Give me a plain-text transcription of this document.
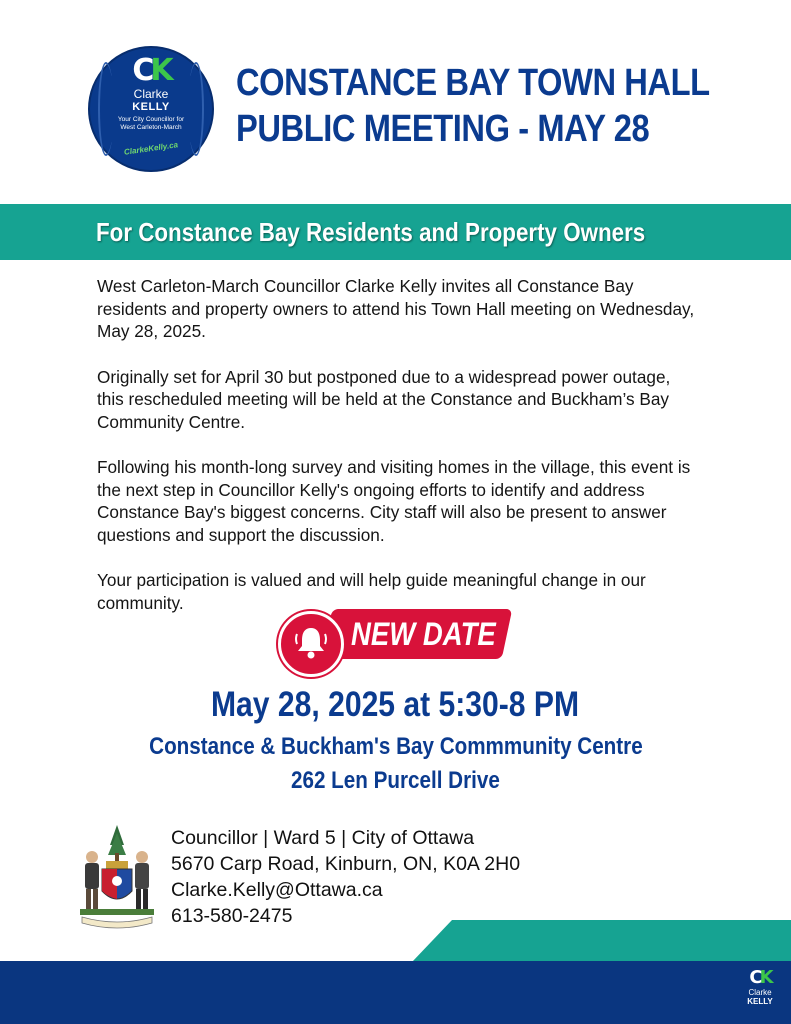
CK
Clarke
KELLY
Your City Councillor for
West Carleton-March
ClarkeKelly.ca
CONSTANCE BAY TOWN HALL
PUBLIC MEETING - MAY 28
For Constance Bay Residents and Property Owners

West Carleton-March Councillor Clarke Kelly invites all Constance Bay residents and property owners to attend his Town Hall meeting on Wednesday, May 28, 2025.

Originally set for April 30 but postponed due to a widespread power outage, this rescheduled meeting will be held at the Constance and Buckham’s Bay Community Centre.

Following his month-long survey and visiting homes in the village, this event is the next step in Councillor Kelly's ongoing efforts to identify and address Constance Bay's biggest concerns. City staff will also be present to answer questions and support the discussion.

Your participation is valued and will help guide meaningful change in our community.

NEW DATE
May 28, 2025 at 5:30-8 PM
Constance & Buckham's Bay Commmunity Centre
262 Len Purcell Drive
Councillor | Ward 5 | City of Ottawa
5670 Carp Road, Kinburn, ON, K0A 2H0
Clarke.Kelly@Ottawa.ca
613-580-2475
CK
Clarke
KELLY
